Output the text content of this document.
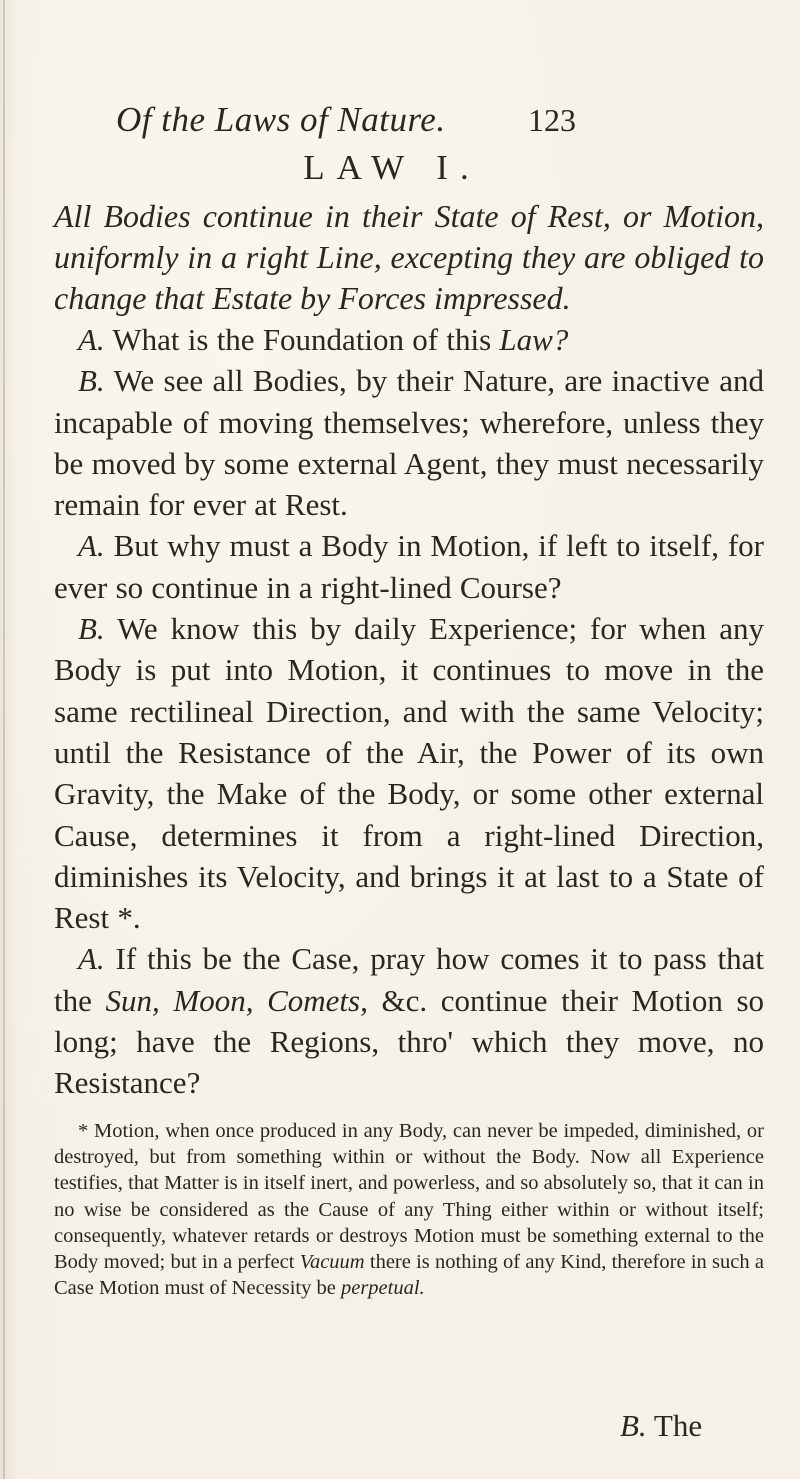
Of the Laws of Nature.	123
LAW I.

All Bodies continue in their State of Rest, or Motion, uniformly in a right Line, excepting they are obliged to change that Estate by Forces impressed.

A. What is the Foundation of this Law?

B. We see all Bodies, by their Nature, are inactive and incapable of moving themselves; wherefore, unless they be moved by some external Agent, they must necessarily remain for ever at Rest.

A. But why must a Body in Motion, if left to itself, for ever so continue in a right-lined Course?

B. We know this by daily Experience; for when any Body is put into Motion, it continues to move in the same rectilineal Direction, and with the same Velocity; until the Resistance of the Air, the Power of its own Gravity, the Make of the Body, or some other external Cause, determines it from a right-lined Direction, diminishes its Velocity, and brings it at last to a State of Rest *.

A. If this be the Case, pray how comes it to pass that the Sun, Moon, Comets, &c. continue their Motion so long; have the Regions, thro' which they move, no Resistance?

* Motion, when once produced in any Body, can never be impeded, diminished, or destroyed, but from something within or without the Body. Now all Experience testifies, that Matter is in itself inert, and powerless, and so absolutely so, that it can in no wise be considered as the Cause of any Thing either within or without itself; consequently, whatever retards or destroys Motion must be something external to the Body moved; but in a perfect Vacuum there is nothing of any Kind, therefore in such a Case Motion must of Necessity be perpetual.
B. The
